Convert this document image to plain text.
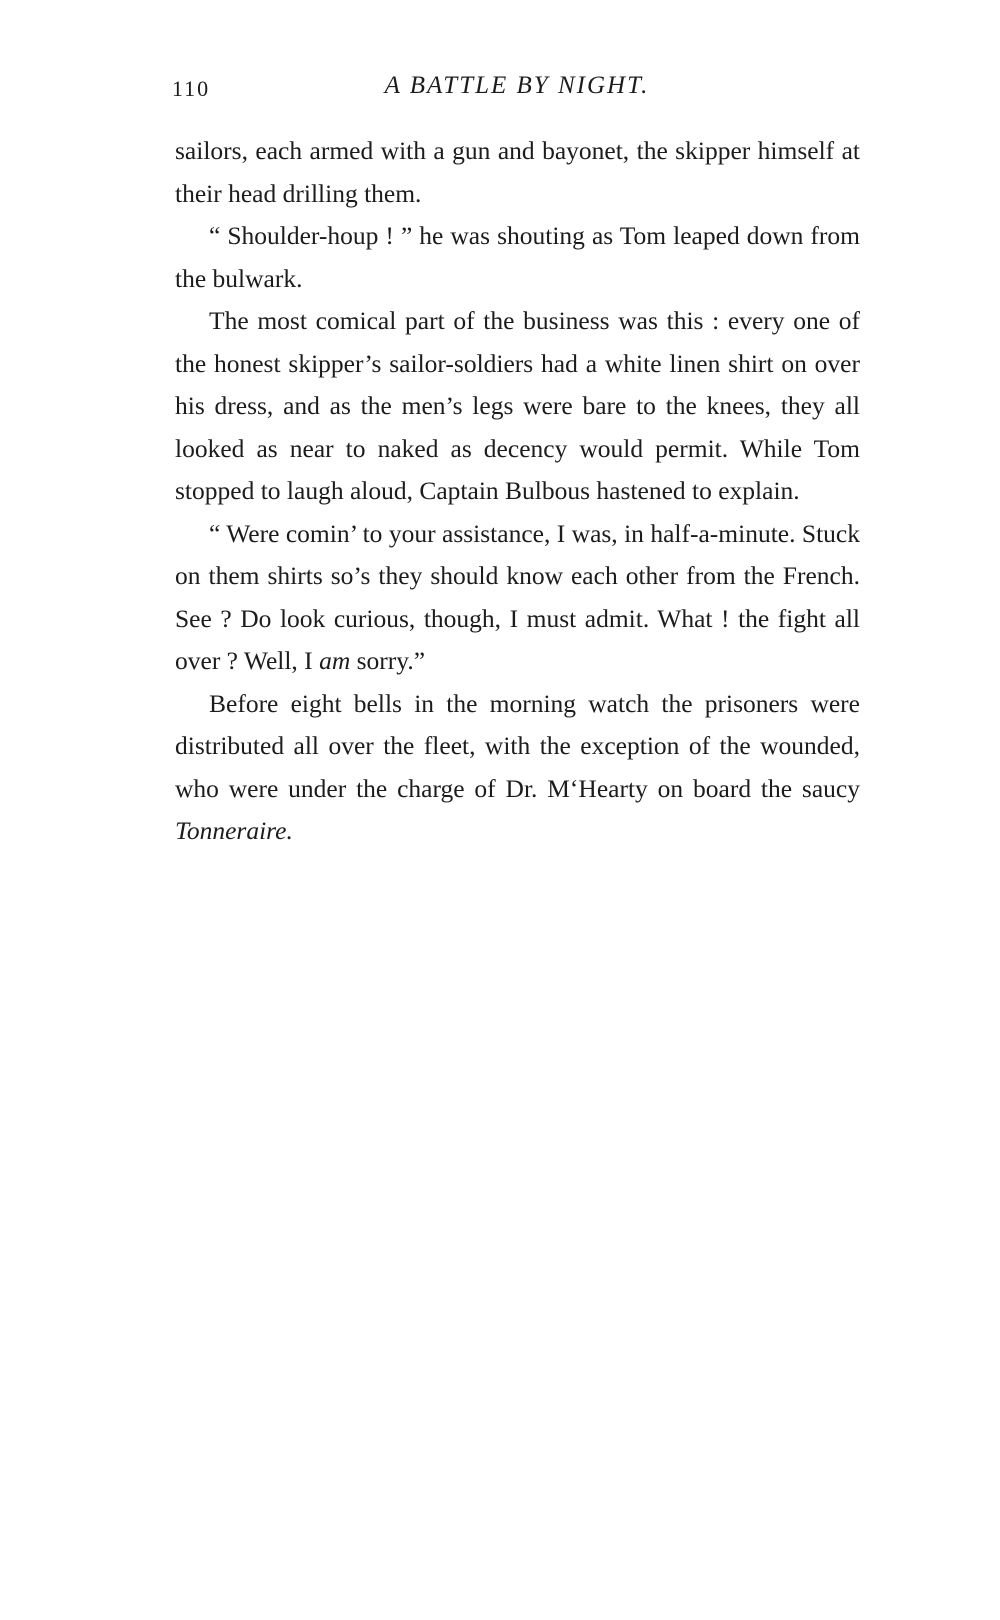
110	A BATTLE BY NIGHT.

sailors, each armed with a gun and bayonet, the skipper himself at their head drilling them.

“ Shoulder-houp ! ” he was shouting as Tom leaped down from the bulwark.

The most comical part of the business was this : every one of the honest skipper’s sailor-soldiers had a white linen shirt on over his dress, and as the men’s legs were bare to the knees, they all looked as near to naked as decency would permit. While Tom stopped to laugh aloud, Captain Bulbous hastened to explain.

“ Were comin’ to your assistance, I was, in half-a-minute. Stuck on them shirts so’s they should know each other from the French. See ? Do look curious, though, I must admit. What ! the fight all over ? Well, I am sorry.”

Before eight bells in the morning watch the prisoners were distributed all over the fleet, with the exception of the wounded, who were under the charge of Dr. M‘Hearty on board the saucy Tonneraire.
